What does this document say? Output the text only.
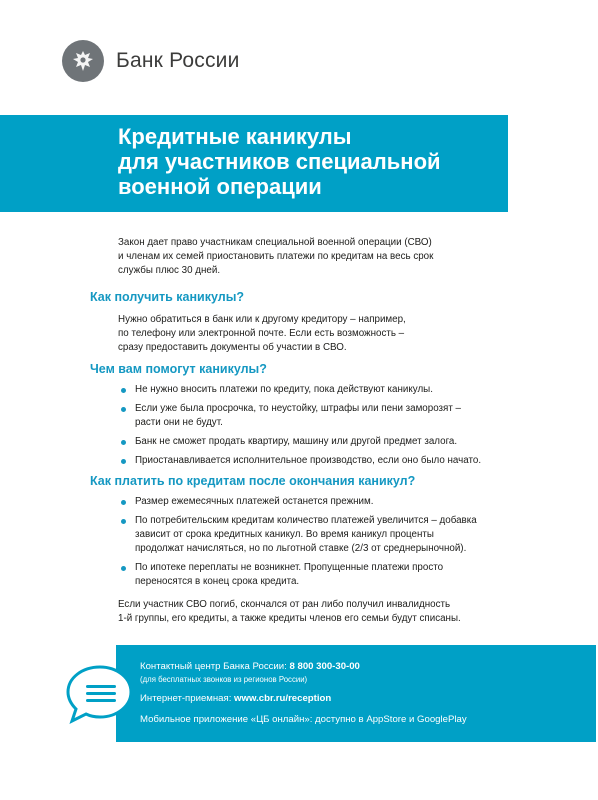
Банк России
Кредитные каникулы
для участников специальной
военной операции
Закон дает право участникам специальной военной операции (СВО)
и членам их семей приостановить платежи по кредитам на весь срок
службы плюс 30 дней.
Как получить каникулы?
Нужно обратиться в банк или к другому кредитору – например,
по телефону или электронной почте. Если есть возможность –
сразу предоставить документы об участии в СВО.
Чем вам помогут каникулы?
Не нужно вносить платежи по кредиту, пока действуют каникулы.
Если уже была просрочка, то неустойку, штрафы или пени заморозят –
расти они не будут.
Банк не сможет продать квартиру, машину или другой предмет залога.
Приостанавливается исполнительное производство, если оно было начато.
Как платить по кредитам после окончания каникул?
Размер ежемесячных платежей останется прежним.
По потребительским кредитам количество платежей увеличится – добавка
зависит от срока кредитных каникул. Во время каникул проценты
продолжат начисляться, но по льготной ставке (2/3 от среднерыночной).
По ипотеке переплаты не возникнет. Пропущенные платежи просто
переносятся в конец срока кредита.
Если участник СВО погиб, скончался от ран либо получил инвалидность
1-й группы, его кредиты, а также кредиты членов его семьи будут списаны.
Контактный центр Банка России: 8 800 300-30-00
(для бесплатных звонков из регионов России)
Интернет-приемная: www.cbr.ru/reception
Мобильное приложение «ЦБ онлайн»: доступно в AppStore и GooglePlay
